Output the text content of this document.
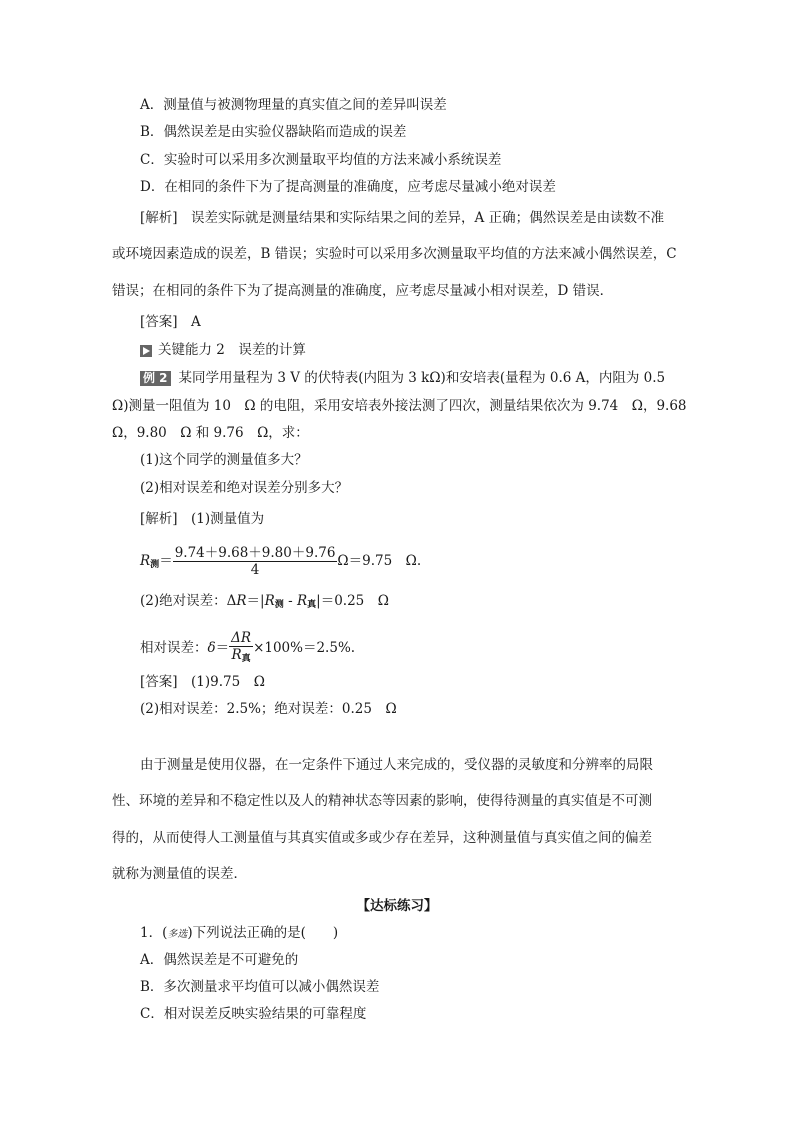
A．测量值与被测物理量的真实值之间的差异叫误差
B．偶然误差是由实验仪器缺陷而造成的误差
C．实验时可以采用多次测量取平均值的方法来减小系统误差
D．在相同的条件下为了提高测量的准确度，应考虑尽量减小绝对误差
[解析]　误差实际就是测量结果和实际结果之间的差异，A 正确；偶然误差是由读数不准
或环境因素造成的误差，B 错误；实验时可以采用多次测量取平均值的方法来减小偶然误差，C
错误；在相同的条件下为了提高测量的准确度，应考虑尽量减小相对误差，D 错误．
[答案]　A
关键能力 2　误差的计算
例 2 某同学用量程为 3 V 的伏特表(内阻为 3 kΩ)和安培表(量程为 0.6 A，内阻为 0.5
Ω)测量一阻值为 10　Ω 的电阻，采用安培表外接法测了四次，测量结果依次为 9.74　Ω，9.68
Ω，9.80　Ω 和 9.76　Ω，求：
(1)这个同学的测量值多大？
(2)相对误差和绝对误差分别多大？
[解析]　(1)测量值为
$R_测= \frac{9.74+9.68+9.80+9.76}{4} \Omega=9.75$　Ω.
(2)绝对误差：$\Delta R=|R_测 - R_真|=0.25$　Ω
相对误差：$\delta= \frac{\Delta R}{R_真} \times 100\%=2.5\%$.
[答案]　(1)9.75　Ω
(2)相对误差：2.5%；绝对误差：0.25　Ω
由于测量是使用仪器，在一定条件下通过人来完成的，受仪器的灵敏度和分辨率的局限
性、环境的差异和不稳定性以及人的精神状态等因素的影响，使得待测量的真实值是不可测
得的，从而使得人工测量值与其真实值或多或少存在差异，这种测量值与真实值之间的偏差
就称为测量值的误差．
【达标练习】
1．(多选)下列说法正确的是(　　)
A．偶然误差是不可避免的
B．多次测量求平均值可以减小偶然误差
C．相对误差反映实验结果的可靠程度
